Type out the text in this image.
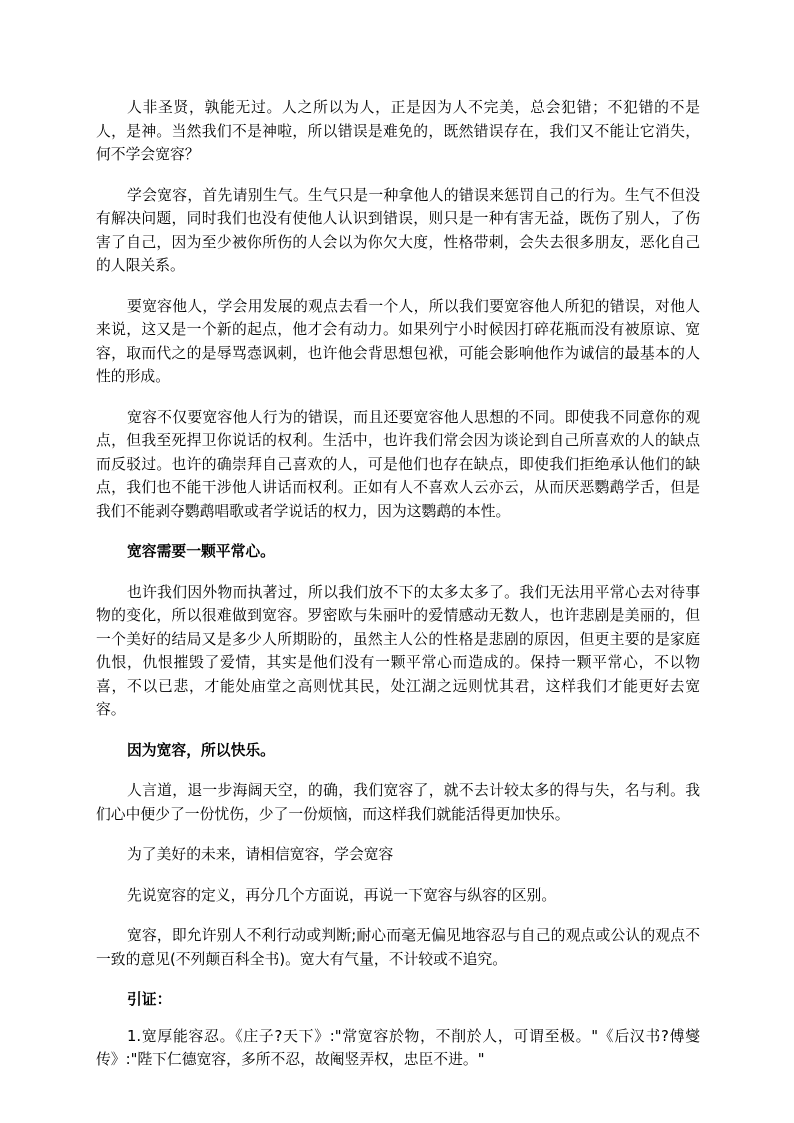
人非圣贤，孰能无过。人之所以为人，正是因为人不完美，总会犯错；不犯错的不是人，是神。当然我们不是神啦，所以错误是难免的，既然错误存在，我们又不能让它消失，何不学会宽容？

学会宽容，首先请别生气。生气只是一种拿他人的错误来惩罚自己的行为。生气不但没有解决问题，同时我们也没有使他人认识到错误，则只是一种有害无益，既伤了别人，了伤害了自己，因为至少被你所伤的人会以为你欠大度，性格带刺，会失去很多朋友，恶化自己的人限关系。

要宽容他人，学会用发展的观点去看一个人，所以我们要宽容他人所犯的错误，对他人来说，这又是一个新的起点，他才会有动力。如果列宁小时候因打碎花瓶而没有被原谅、宽容，取而代之的是辱骂悫讽刺，也许他会背思想包袱，可能会影响他作为诚信的最基本的人性的形成。

宽容不仅要宽容他人行为的错误，而且还要宽容他人思想的不同。即使我不同意你的观点，但我至死捍卫你说话的权利。生活中，也许我们常会因为谈论到自己所喜欢的人的缺点而反驳过。也许的确崇拜自己喜欢的人，可是他们也存在缺点，即使我们拒绝承认他们的缺点，我们也不能干涉他人讲话而权利。正如有人不喜欢人云亦云，从而厌恶鹦鹉学舌，但是我们不能剥夺鹦鹉唱歌或者学说话的权力，因为这鹦鹉的本性。

宽容需要一颗平常心。

也许我们因外物而执著过，所以我们放不下的太多太多了。我们无法用平常心去对待事物的变化，所以很难做到宽容。罗密欧与朱丽叶的爱情感动无数人，也许悲剧是美丽的，但一个美好的结局又是多少人所期盼的，虽然主人公的性格是悲剧的原因，但更主要的是家庭仇恨，仇恨摧毁了爱情，其实是他们没有一颗平常心而造成的。保持一颗平常心，不以物喜，不以已悲，才能处庙堂之高则忧其民，处江湖之远则忧其君，这样我们才能更好去宽容。

因为宽容，所以快乐。

人言道，退一步海阔天空，的确，我们宽容了，就不去计较太多的得与失，名与利。我们心中便少了一份忧伤，少了一份烦恼，而这样我们就能活得更加快乐。

为了美好的未来，请相信宽容，学会宽容

先说宽容的定义，再分几个方面说，再说一下宽容与纵容的区别。

宽容，即允许别人不利行动或判断;耐心而毫无偏见地容忍与自己的观点或公认的观点不一致的意见(不列颠百科全书)。宽大有气量，不计较或不追究。

引证：

1.宽厚能容忍。《庄子?天下》:"常宽容於物，不削於人，可谓至极。"《后汉书?傅燮传》:"陛下仁德宽容，多所不忍，故阉竖弄权，忠臣不进。"
